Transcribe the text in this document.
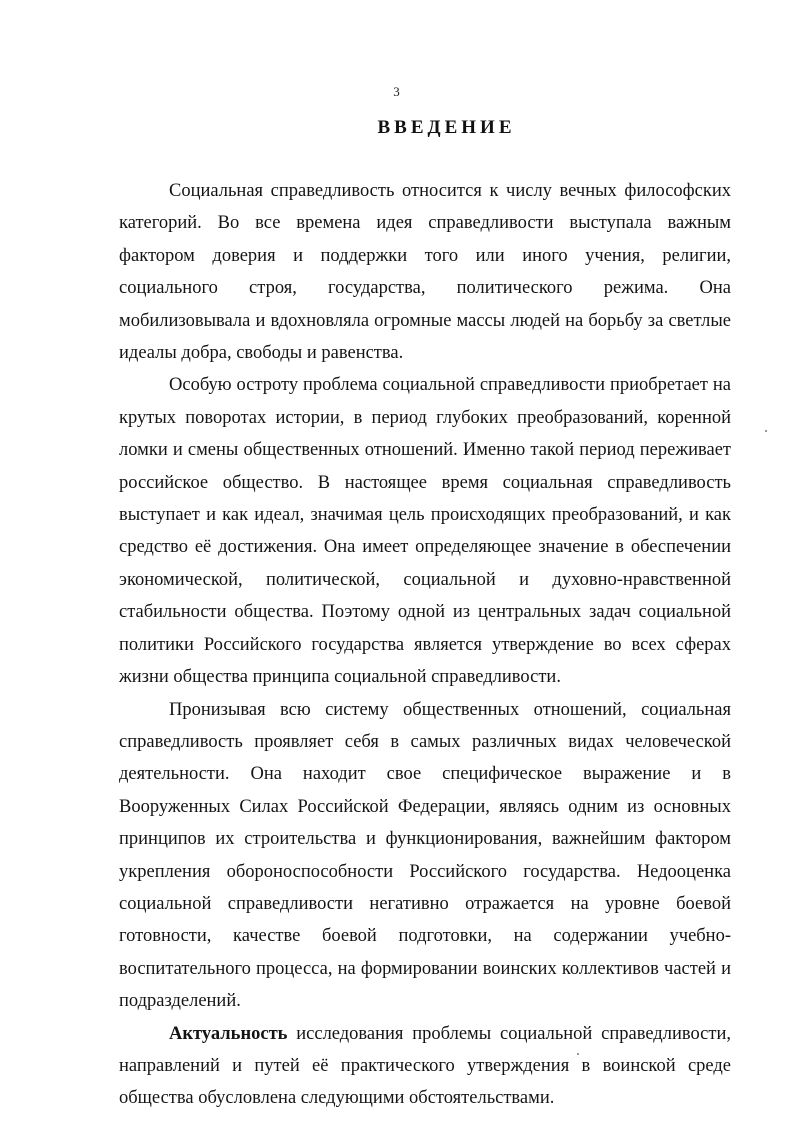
3
ВВЕДЕНИЕ

Социальная справедливость относится к числу вечных философских категорий. Во все времена идея справедливости выступала важным фактором доверия и поддержки того или иного учения, религии, социального строя, государства, политического режима. Она мобилизовывала и вдохновляла огромные массы людей на борьбу за светлые идеалы добра, свободы и равенства.

Особую остроту проблема социальной справедливости приобретает на крутых поворотах истории, в период глубоких преобразований, коренной ломки и смены общественных отношений. Именно такой период переживает российское общество. В настоящее время социальная справедливость выступает и как идеал, значимая цель происходящих преобразований, и как средство её достижения. Она имеет определяющее значение в обеспечении экономической, политической, социальной и духовно-нравственной стабильности общества. Поэтому одной из центральных задач социальной политики Российского государства является утверждение во всех сферах жизни общества принципа социальной справедливости.

Пронизывая всю систему общественных отношений, социальная справедливость проявляет себя в самых различных видах человеческой деятельности. Она находит свое специфическое выражение и в Вооруженных Силах Российской Федерации, являясь одним из основных принципов их строительства и функционирования, важнейшим фактором укрепления обороноспособности Российского государства. Недооценка социальной справедливости негативно отражается на уровне боевой готовности, качестве боевой подготовки, на содержании учебно-воспитательного процесса, на формировании воинских коллективов частей и подразделений.

Актуальность исследования проблемы социальной справедливости, направлений и путей её практического утверждения в воинской среде общества обусловлена следующими обстоятельствами.
